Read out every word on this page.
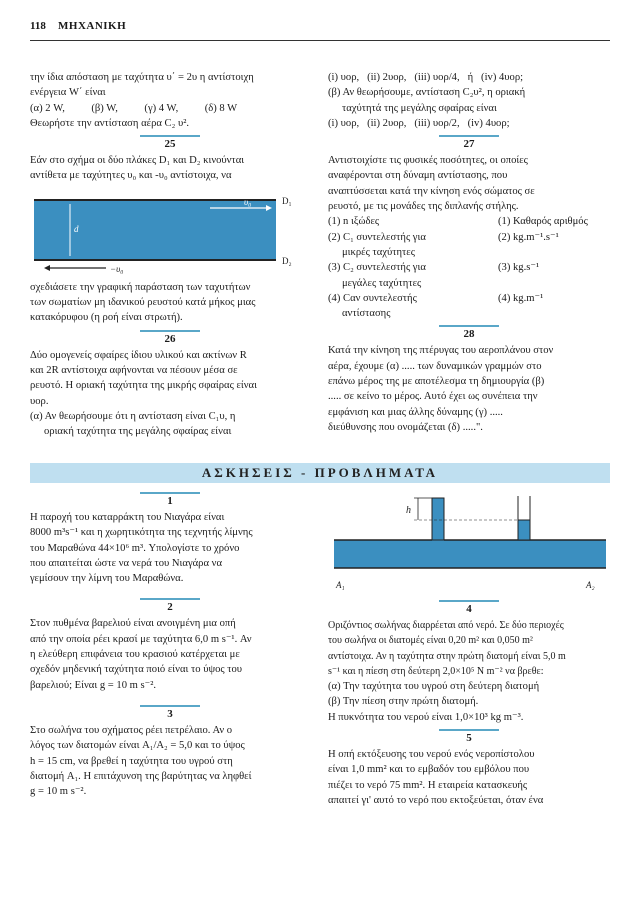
118 ΜΗΧΑΝΙΚΗ

την ίδια απόσταση με ταχύτητα υ΄ = 2υ η αντίστοιχη

ενέργεια W΄ είναι

(α) 2 W,          (β) W,          (γ) 4 W,          (δ) 8 W

Θεωρήστε την αντίσταση αέρα C₂ υ².

25

Εάν στο σχήμα οι δύο πλάκες D₁ και D₂ κινούνται

αντίθετα με ταχύτητες υ₀ και -υ₀ αντίστοιχα, να

υ₀
d
D₁
D₂
−υ₀

σχεδιάσετε την γραφική παράσταση των ταχυτήτων

των σωματίων μη ιδανικού ρευστού κατά μήκος μιας

κατακόρυφου (η ροή είναι στρωτή).

26

Δύο ομογενείς σφαίρες ίδιου υλικού και ακτίνων R

και 2R αντίστοιχα αφήνονται να πέσουν μέσα σε

ρευστό. Η οριακή ταχύτητα της μικρής σφαίρας είναι

υορ.

(α) Αν θεωρήσουμε ότι η αντίσταση είναι C₁υ, η

οριακή ταχύτητα της μεγάλης σφαίρας είναι

(i) υορ,   (ii) 2υορ,   (iii) υορ/4,   ή   (iv) 4υορ;

(β) Αν θεωρήσουμε, αντίσταση C₂υ², η οριακή

ταχύτητά της μεγάλης σφαίρας είναι

(i) υορ,   (ii) 2υορ,   (iii) υορ/2,   (iv) 4υορ;

27

Αντιστοιχίστε τις φυσικές ποσότητες, οι οποίες

αναφέρονται στη δύναμη αντίστασης, που

αναπτύσσεται κατά την κίνηση ενός σώματος σε

ρευστό, με τις μονάδες της διπλανής στήλης.

(1) n ιξώδες	(1) Καθαρός αριθμός
(2) C₁ συντελεστής για	(2) kg.m⁻¹.s⁻¹
μικρές ταχύτητες
(3) C₂ συντελεστής για	(3) kg.s⁻¹
μεγάλες ταχύτητες
(4) Cαν συντελεστής	(4) kg.m⁻¹
αντίστασης
28

Κατά την κίνηση της πτέρυγας του αεροπλάνου στον

αέρα, έχουμε (α) ..... των δυναμικών γραμμών στο

επάνω μέρος της με αποτέλεσμα τη δημιουργία (β)

..... σε κείνο το μέρος. Αυτό έχει ως συνέπεια την

εμφάνιση και μιας άλλης δύναμης (γ) .....

διεύθυνσης που ονομάζεται (δ) .....".

ΑΣΚΗΣΕΙΣ - ΠΡΟΒΛΗΜΑΤΑ
1

Η παροχή του καταρράκτη του Νιαγάρα είναι

8000 m³s⁻¹ και η χωρητικότητα της τεχνητής λίμνης

του Μαραθώνα 44×10⁶ m³. Υπολογίστε το χρόνο

που απαιτείται ώστε να νερά του Νιαγάρα να

γεμίσουν την λίμνη του Μαραθώνα.

2

Στον πυθμένα βαρελιού είναι ανοιγμένη μια οπή

από την οποία ρέει κρασί με ταχύτητα 6,0 m s⁻¹. Αν

η ελεύθερη επιφάνεια του κρασιού κατέρχεται με

σχεδόν μηδενική ταχύτητα ποιό είναι το ύψος του

βαρελιού; Είναι g = 10 m s⁻².

3

Στο σωλήνα του σχήματος ρέει πετρέλαιο. Αν ο

λόγος των διατομών είναι A₁/A₂ = 5,0 και το ύψος

h = 15 cm, να βρεθεί η ταχύτητα του υγρού στη

διατομή A₁. Η επιτάχυνση της βαρύτητας να ληφθεί

g = 10 m s⁻².

h
A₁	A₂
4

Οριζόντιος σωλήνας διαρρέεται από νερό. Σε δύο περιοχές

του σωλήνα οι διατομές είναι 0,20 m² και 0,050 m²

αντίστοιχα. Αν η ταχύτητα στην πρώτη διατομή είναι 5,0 m

s⁻¹ και η πίεση στη δεύτερη 2,0×10⁵ N m⁻² να βρεθε:

(α) Την ταχύτητα του υγρού στη δεύτερη διατομή

(β) Την πίεση στην πρώτη διατομή.

Η πυκνότητα του νερού είναι 1,0×10³ kg m⁻³.

5

Η οπή εκτόξευσης του νερού ενός νεροπίστολου

είναι 1,0 mm² και το εμβαδόν του εμβόλου που

πιέζει το νερό 75 mm². Η εταιρεία κατασκευής

απαιτεί γι' αυτό το νερό που εκτοξεύεται, όταν ένα
